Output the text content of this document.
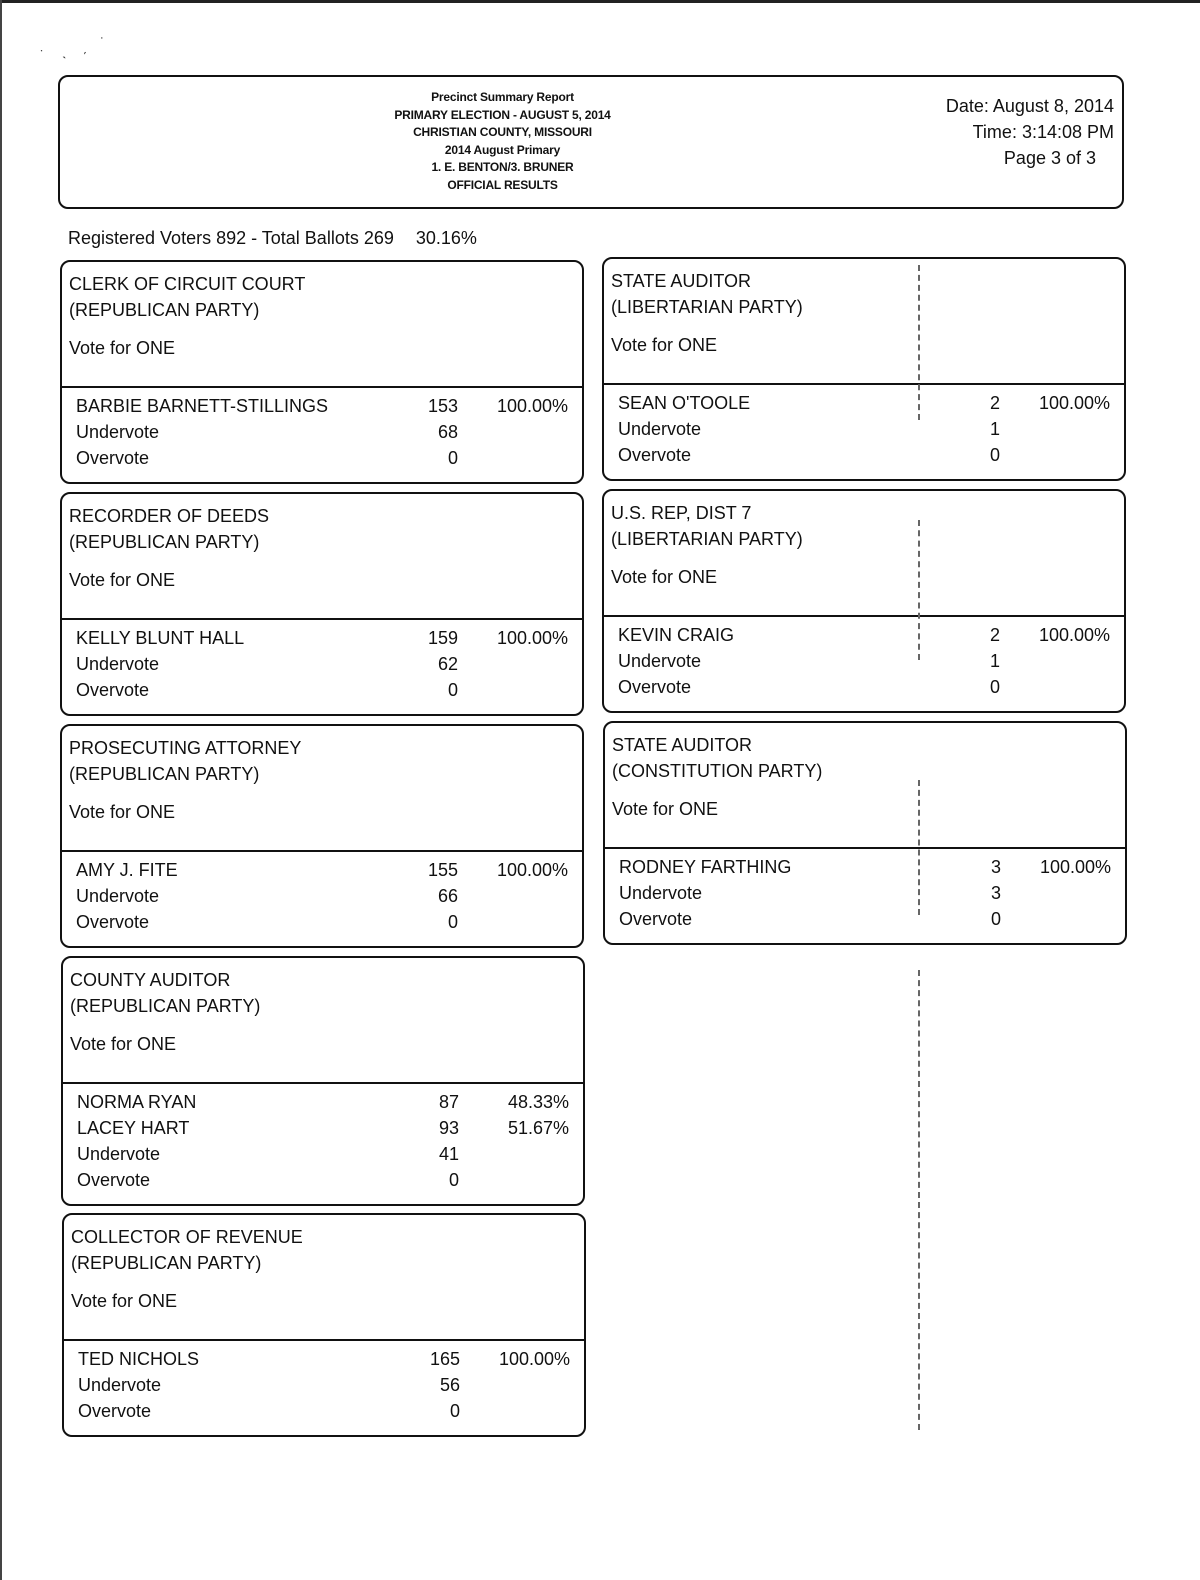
˙ ˎ ˏ ˙
Precinct Summary Report
PRIMARY ELECTION - AUGUST 5, 2014
CHRISTIAN COUNTY, MISSOURI
2014 August Primary
1. E. BENTON/3. BRUNER
OFFICIAL RESULTS
Date: August 8, 2014
Time: 3:14:08 PM
Page 3 of 3
Registered Voters 892 - Total Ballots 269 30.16%
CLERK OF CIRCUIT COURT
(REPUBLICAN PARTY)
Vote for ONE
BARBIE BARNETT-STILLINGS	153 100.00%
Undervote	68
Overvote	0
RECORDER OF DEEDS
(REPUBLICAN PARTY)
Vote for ONE
KELLY BLUNT HALL	159 100.00%
Undervote	62
Overvote	0
PROSECUTING ATTORNEY
(REPUBLICAN PARTY)
Vote for ONE
AMY J. FITE	155 100.00%
Undervote	66
Overvote	0
COUNTY AUDITOR
(REPUBLICAN PARTY)
Vote for ONE
NORMA RYAN	87	48.33%
LACEY HART	93	51.67%
Undervote	41
Overvote	0
COLLECTOR OF REVENUE
(REPUBLICAN PARTY)
Vote for ONE
TED NICHOLS	165 100.00%
Undervote	56
Overvote	0
STATE AUDITOR
(LIBERTARIAN PARTY)
Vote for ONE
SEAN O'TOOLE	2 100.00%
Undervote	1
Overvote	0
U.S. REP, DIST 7
(LIBERTARIAN PARTY)
Vote for ONE
KEVIN CRAIG	2 100.00%
Undervote	1
Overvote	0
STATE AUDITOR
(CONSTITUTION PARTY)
Vote for ONE
RODNEY FARTHING	3 100.00%
Undervote	3
Overvote	0
